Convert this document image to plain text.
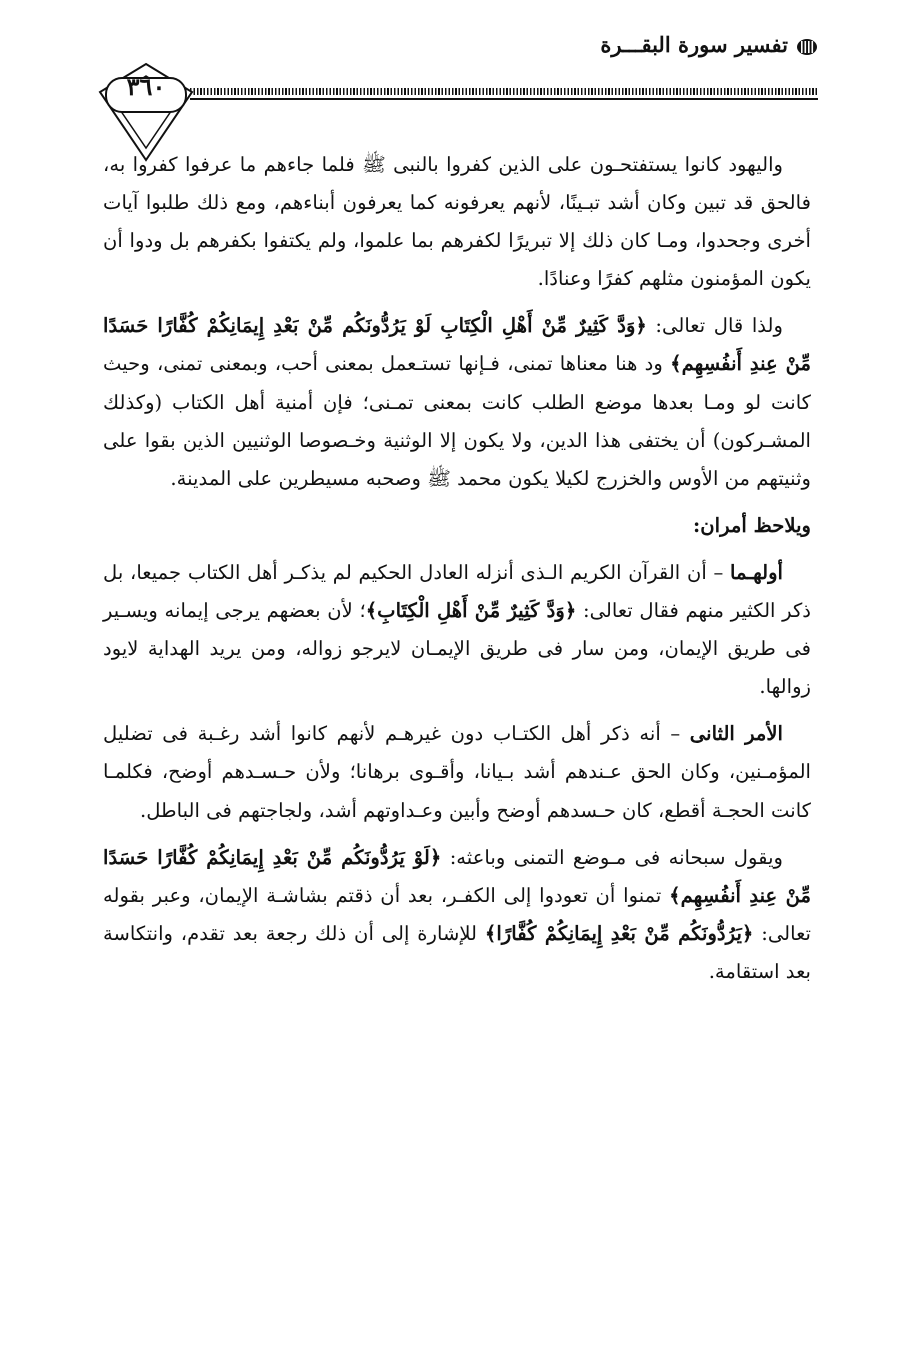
تفسير سورة البقـــرة
٣٦٠

واليهود كانوا يستفتحـون على الذين كفروا بالنبى ﷺ فلما جاءهم ما عرفوا كفروا به، فالحق قد تبين وكان أشد تبـينًا، لأنهم يعرفونه كما يعرفون أبناءهم، ومع ذلك طلبوا آيات أخرى وجحدوا، ومـا كان ذلك إلا تبريرًا لكفرهم بما علموا، ولم يكتفوا بكفرهم بل ودوا أن يكون المؤمنون مثلهم كفرًا وعنادًا.

ولذا قال تعالى: ﴿وَدَّ كَثِيرٌ مِّنْ أَهْلِ الْكِتَابِ لَوْ يَرُدُّونَكُم مِّنْ بَعْدِ إِيمَانِكُمْ كُفَّارًا حَسَدًا مِّنْ عِندِ أَنفُسِهِم﴾ ود هنا معناها تمنى، فـإنها تستـعمل بمعنى أحب، وبمعنى تمنى، وحيث كانت لو ومـا بعدها موضع الطلب كانت بمعنى تمـنى؛ فإن أمنية أهل الكتاب (وكذلك المشـركون) أن يختفى هذا الدين، ولا يكون إلا الوثنية وخـصوصا الوثنيين الذين بقوا على وثنيتهم من الأوس والخزرج لكيلا يكون محمد ﷺ وصحبه مسيطرين على المدينة.

ويلاحظ أمران:

أولهـما – أن القرآن الكريم الـذى أنزله العادل الحكيم لم يذكـر أهل الكتاب جميعا، بل ذكر الكثير منهم فقال تعالى: ﴿وَدَّ كَثِيرٌ مِّنْ أَهْلِ الْكِتَابِ﴾؛ لأن بعضهم يرجى إيمانه ويسـير فى طريق الإيمان، ومن سار فى طريق الإيمـان لايرجو زواله، ومن يريد الهداية لايود زوالها.

الأمر الثانى – أنه ذكر أهل الكتـاب دون غيرهـم لأنهم كانوا أشد رغـبة فى تضليل المؤمـنين، وكان الحق عـندهم أشد بـيانا، وأقـوى برهانا؛ ولأن حـسـدهم أوضح، فكلمـا كانت الحجـة أقطع، كان حـسدهم أوضح وأبين وعـداوتهم أشد، ولجاجتهم فى الباطل.

ويقول سبحانه فى مـوضع التمنى وباعثه: ﴿لَوْ يَرُدُّونَكُم مِّنْ بَعْدِ إِيمَانِكُمْ كُفَّارًا حَسَدًا مِّنْ عِندِ أَنفُسِهِم﴾ تمنوا أن تعودوا إلى الكفـر، بعد أن ذقتم بشاشـة الإيمان، وعبر بقوله تعالى: ﴿يَرُدُّونَكُم مِّنْ بَعْدِ إِيمَانِكُمْ كُفَّارًا﴾ للإشارة إلى أن ذلك رجعة بعد تقدم، وانتكاسة بعد استقامة.
